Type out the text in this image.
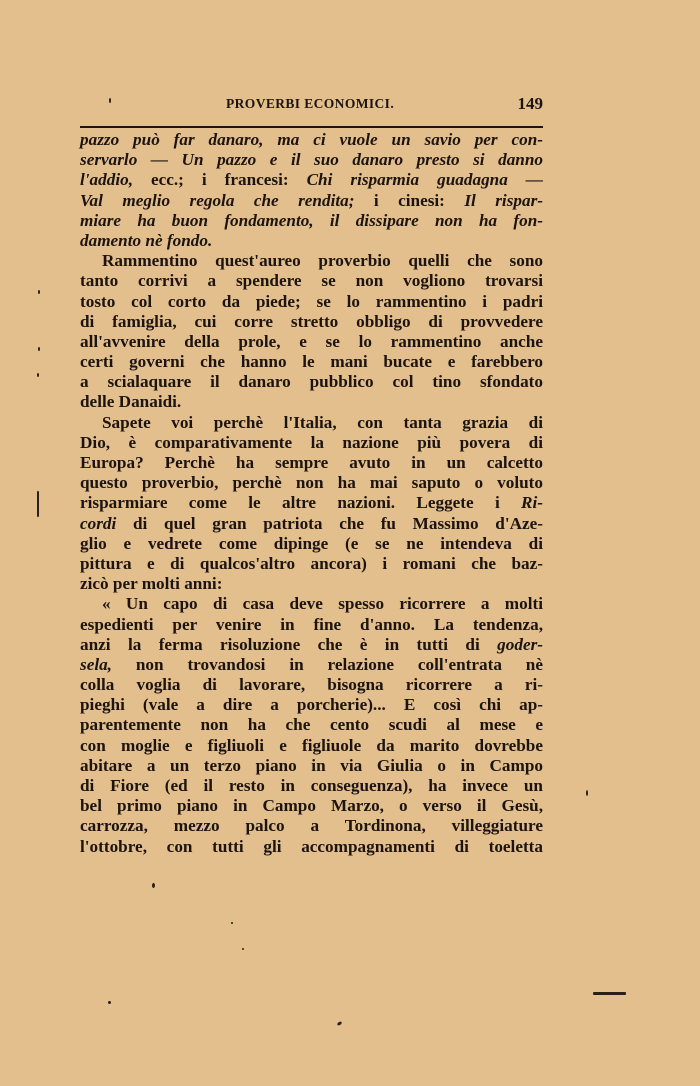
PROVERBI ECONOMICI.	149
pazzo può far danaro, ma ci vuole un savio per con-
servarlo — Un pazzo e il suo danaro presto si danno
l'addio, ecc.; i francesi: Chi risparmia guadagna —
Val meglio regola che rendita; i cinesi: Il rispar-
miare ha buon fondamento, il dissipare non ha fon-
damento nè fondo.
Rammentino quest'aureo proverbio quelli che sono
tanto corrivi a spendere se non vogliono trovarsi
tosto col corto da piede; se lo rammentino i padri
di famiglia, cui corre stretto obbligo di provvedere
all'avvenire della prole, e se lo rammentino anche
certi governi che hanno le mani bucate e farebbero
a scialaquare il danaro pubblico col tino sfondato
delle Danaidi.
Sapete voi perchè l'Italia, con tanta grazia di
Dio, è comparativamente la nazione più povera di
Europa? Perchè ha sempre avuto in un calcetto
questo proverbio, perchè non ha mai saputo o voluto
risparmiare come le altre nazioni. Leggete i Ri-
cordi di quel gran patriota che fu Massimo d'Aze-
glio e vedrete come dipinge (e se ne intendeva di
pittura e di qualcos'altro ancora) i romani che baz-
zicò per molti anni:
« Un capo di casa deve spesso ricorrere a molti
espedienti per venire in fine d'anno. La tendenza,
anzi la ferma risoluzione che è in tutti di goder-
sela, non trovandosi in relazione coll'entrata nè
colla voglia di lavorare, bisogna ricorrere a ri-
pieghi (vale a dire a porcherie)... E così chi ap-
parentemente non ha che cento scudi al mese e
con moglie e figliuoli e figliuole da marito dovrebbe
abitare a un terzo piano in via Giulia o in Campo
di Fiore (ed il resto in conseguenza), ha invece un
bel primo piano in Campo Marzo, o verso il Gesù,
carrozza, mezzo palco a Tordinona, villeggiature
l'ottobre, con tutti gli accompagnamenti di toeletta
